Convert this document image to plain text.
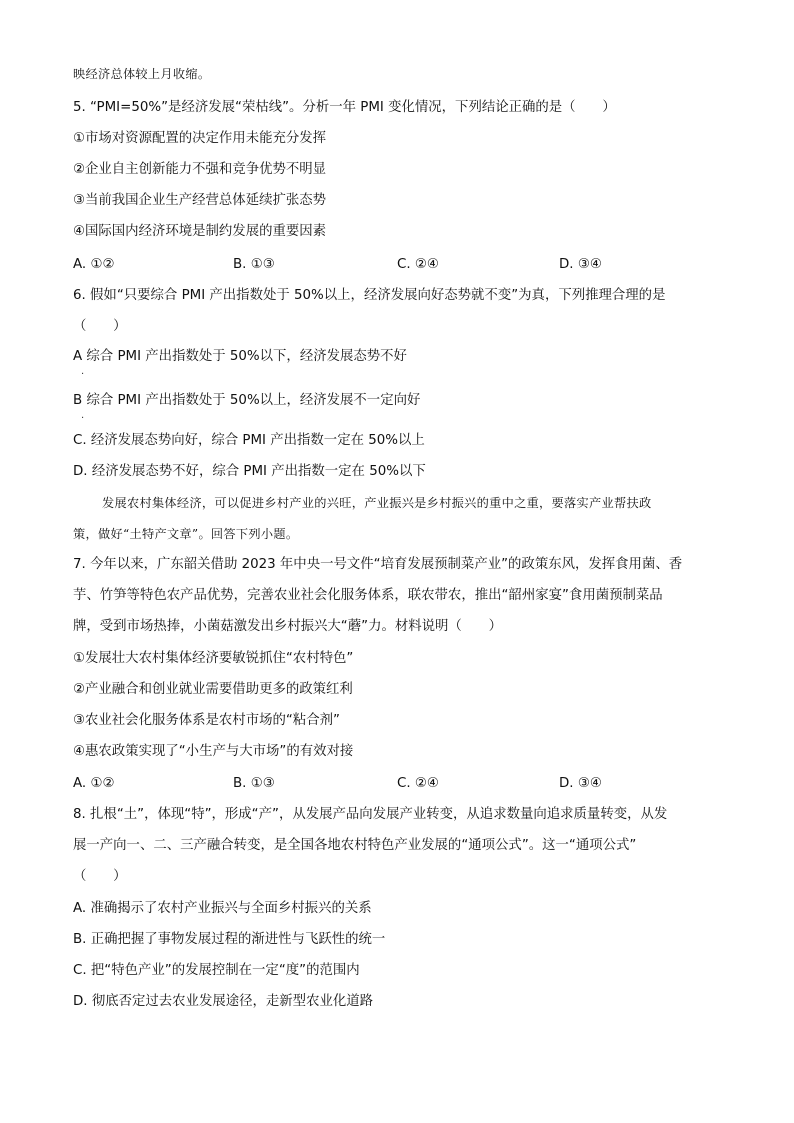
映经济总体较上月收缩。
5. “PMI=50%”是经济发展“荣枯线”。分析一年 PMI 变化情况，下列结论正确的是（　　）
①市场对资源配置的决定作用未能充分发挥
②企业自主创新能力不强和竞争优势不明显
③当前我国企业生产经营总体延续扩张态势
④国际国内经济环境是制约发展的重要因素
A. ①②	B. ①③	C. ②④	D. ③④
6. 假如“只要综合 PMI 产出指数处于 50%以上，经济发展向好态势就不变”为真，下列推理合理的是
（　　）
A 综合 PMI 产出指数处于 50%以下，经济发展态势不好
.
B 综合 PMI 产出指数处于 50%以上，经济发展不一定向好
.
C. 经济发展态势向好，综合 PMI 产出指数一定在 50%以上
D. 经济发展态势不好，综合 PMI 产出指数一定在 50%以下
发展农村集体经济，可以促进乡村产业的兴旺，产业振兴是乡村振兴的重中之重，要落实产业帮扶政
策，做好“土特产文章”。回答下列小题。
7. 今年以来，广东韶关借助 2023 年中央一号文件“培育发展预制菜产业”的政策东风，发挥食用菌、香
芋、竹笋等特色农产品优势，完善农业社会化服务体系，联农带农，推出“韶州家宴”食用菌预制菜品
牌，受到市场热捧，小菌菇激发出乡村振兴大“蘑”力。材料说明（　　）
①发展壮大农村集体经济要敏锐抓住“农村特色”
②产业融合和创业就业需要借助更多的政策红利
③农业社会化服务体系是农村市场的“粘合剂”
④惠农政策实现了“小生产与大市场”的有效对接
A. ①②	B. ①③	C. ②④	D. ③④
8. 扎根“土”，体现“特”，形成“产”，从发展产品向发展产业转变，从追求数量向追求质量转变，从发
展一产向一、二、三产融合转变，是全国各地农村特色产业发展的“通项公式”。这一“通项公式”
（　　）
A. 准确揭示了农村产业振兴与全面乡村振兴的关系
B. 正确把握了事物发展过程的渐进性与飞跃性的统一
C. 把“特色产业”的发展控制在一定“度”的范围内
D. 彻底否定过去农业发展途径，走新型农业化道路
